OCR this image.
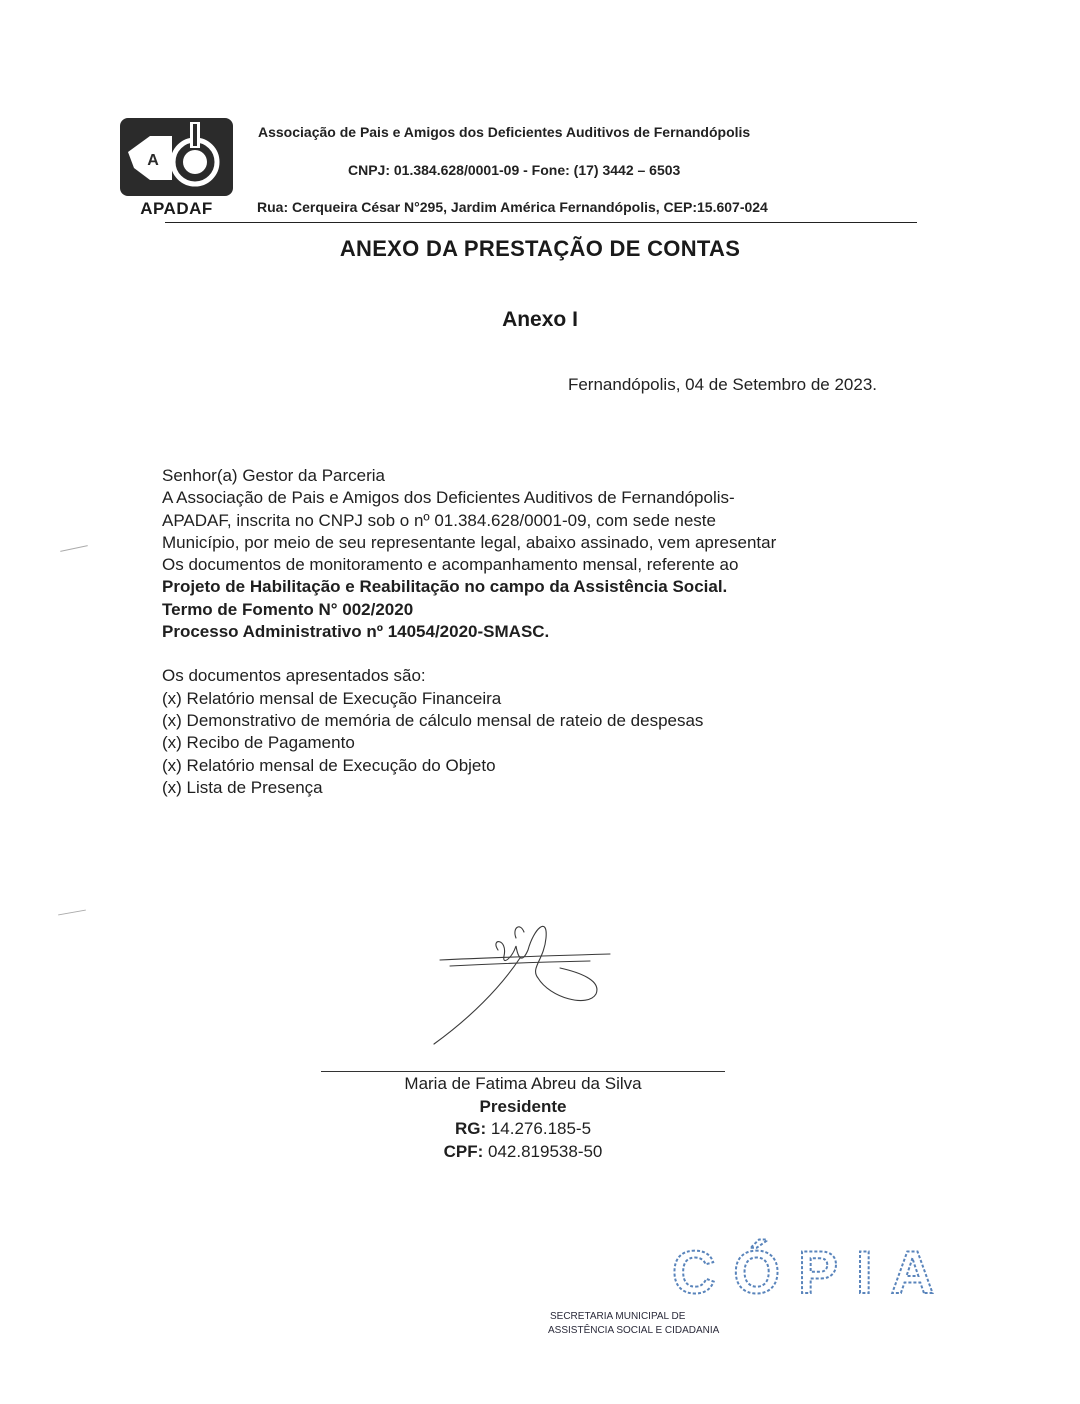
A
APADAF
Associação de Pais e Amigos dos Deficientes Auditivos de Fernandópolis
CNPJ: 01.384.628/0001-09 - Fone: (17) 3442 – 6503
Rua: Cerqueira César N°295, Jardim América Fernandópolis, CEP:15.607-024
ANEXO DA PRESTAÇÃO DE CONTAS
Anexo I
Fernandópolis, 04 de Setembro de 2023.
Senhor(a) Gestor da Parceria
A Associação de Pais e Amigos dos Deficientes Auditivos de Fernandópolis-
APADAF, inscrita no CNPJ sob o nº 01.384.628/0001-09, com sede neste
Município, por meio de seu representante legal, abaixo assinado, vem apresentar
Os documentos de monitoramento e acompanhamento mensal, referente ao
Projeto de Habilitação e Reabilitação no campo da Assistência Social.
Termo de Fomento N° 002/2020
Processo Administrativo nº 14054/2020-SMASC.
Os documentos apresentados são:
(x) Relatório mensal de Execução Financeira
(x) Demonstrativo de memória de cálculo mensal de rateio de despesas
(x) Recibo de Pagamento
(x) Relatório mensal de Execução do Objeto
(x) Lista de Presença
Maria de Fatima Abreu da Silva
Presidente
RG: 14.276.185-5
CPF: 042.819538-50
CÓPIA
SECRETARIA MUNICIPAL DE
ASSISTÊNCIA SOCIAL E CIDADANIA
